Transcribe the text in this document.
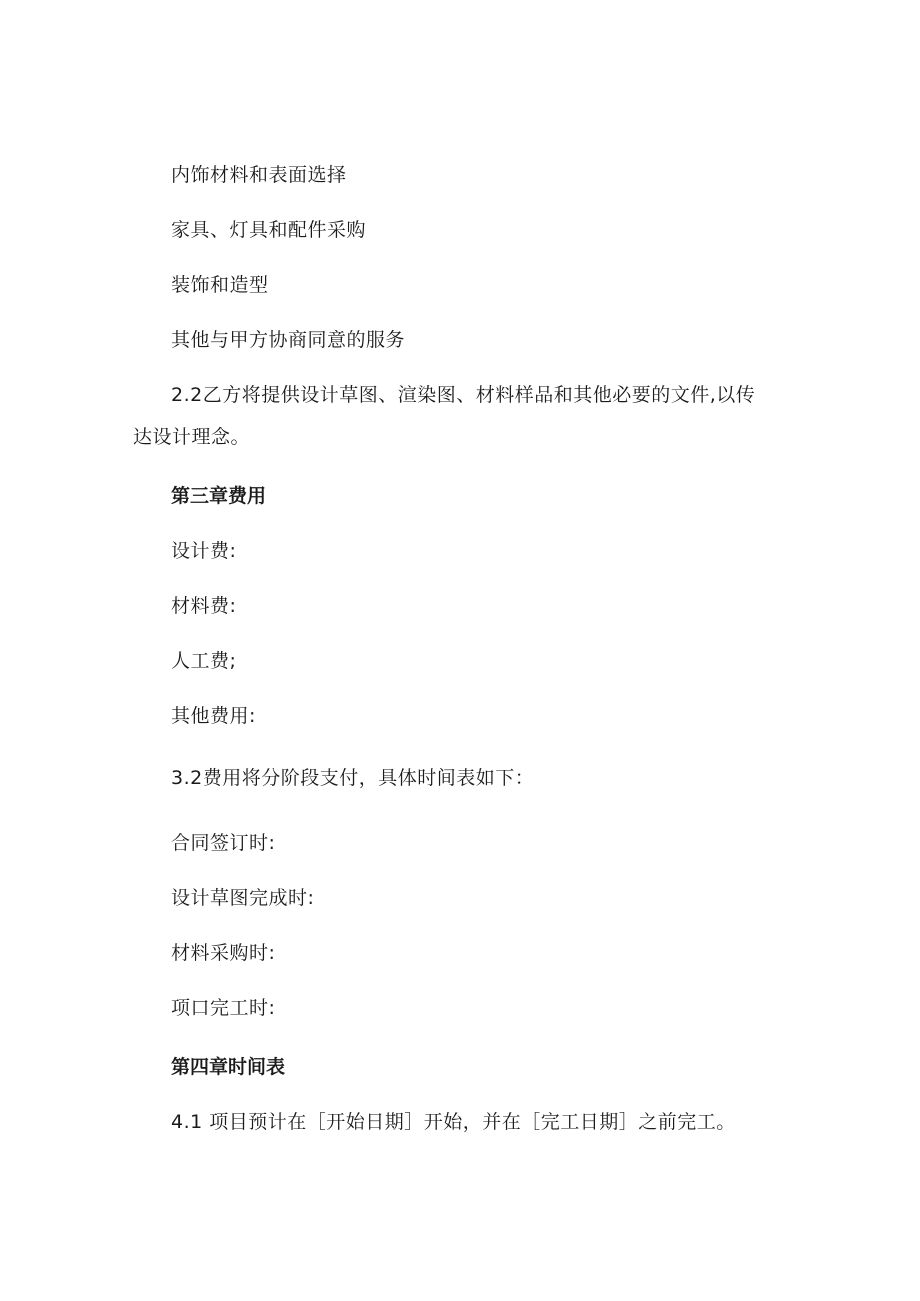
内饰材料和表面选择
家具、灯具和配件采购
装饰和造型
其他与甲方协商同意的服务
2.2乙方将提供设计草图、渲染图、材料样品和其他必要的文件,以传
达设计理念。
第三章费用
设计费:
材料费:
人工费;
其他费用:
3.2费用将分阶段支付，具体时间表如下：
合同签订时:
设计草图完成时:
材料采购时:
项口完工时:
第四章时间表
4.1 项目预计在［开始日期］开始，并在［完工日期］之前完工。
